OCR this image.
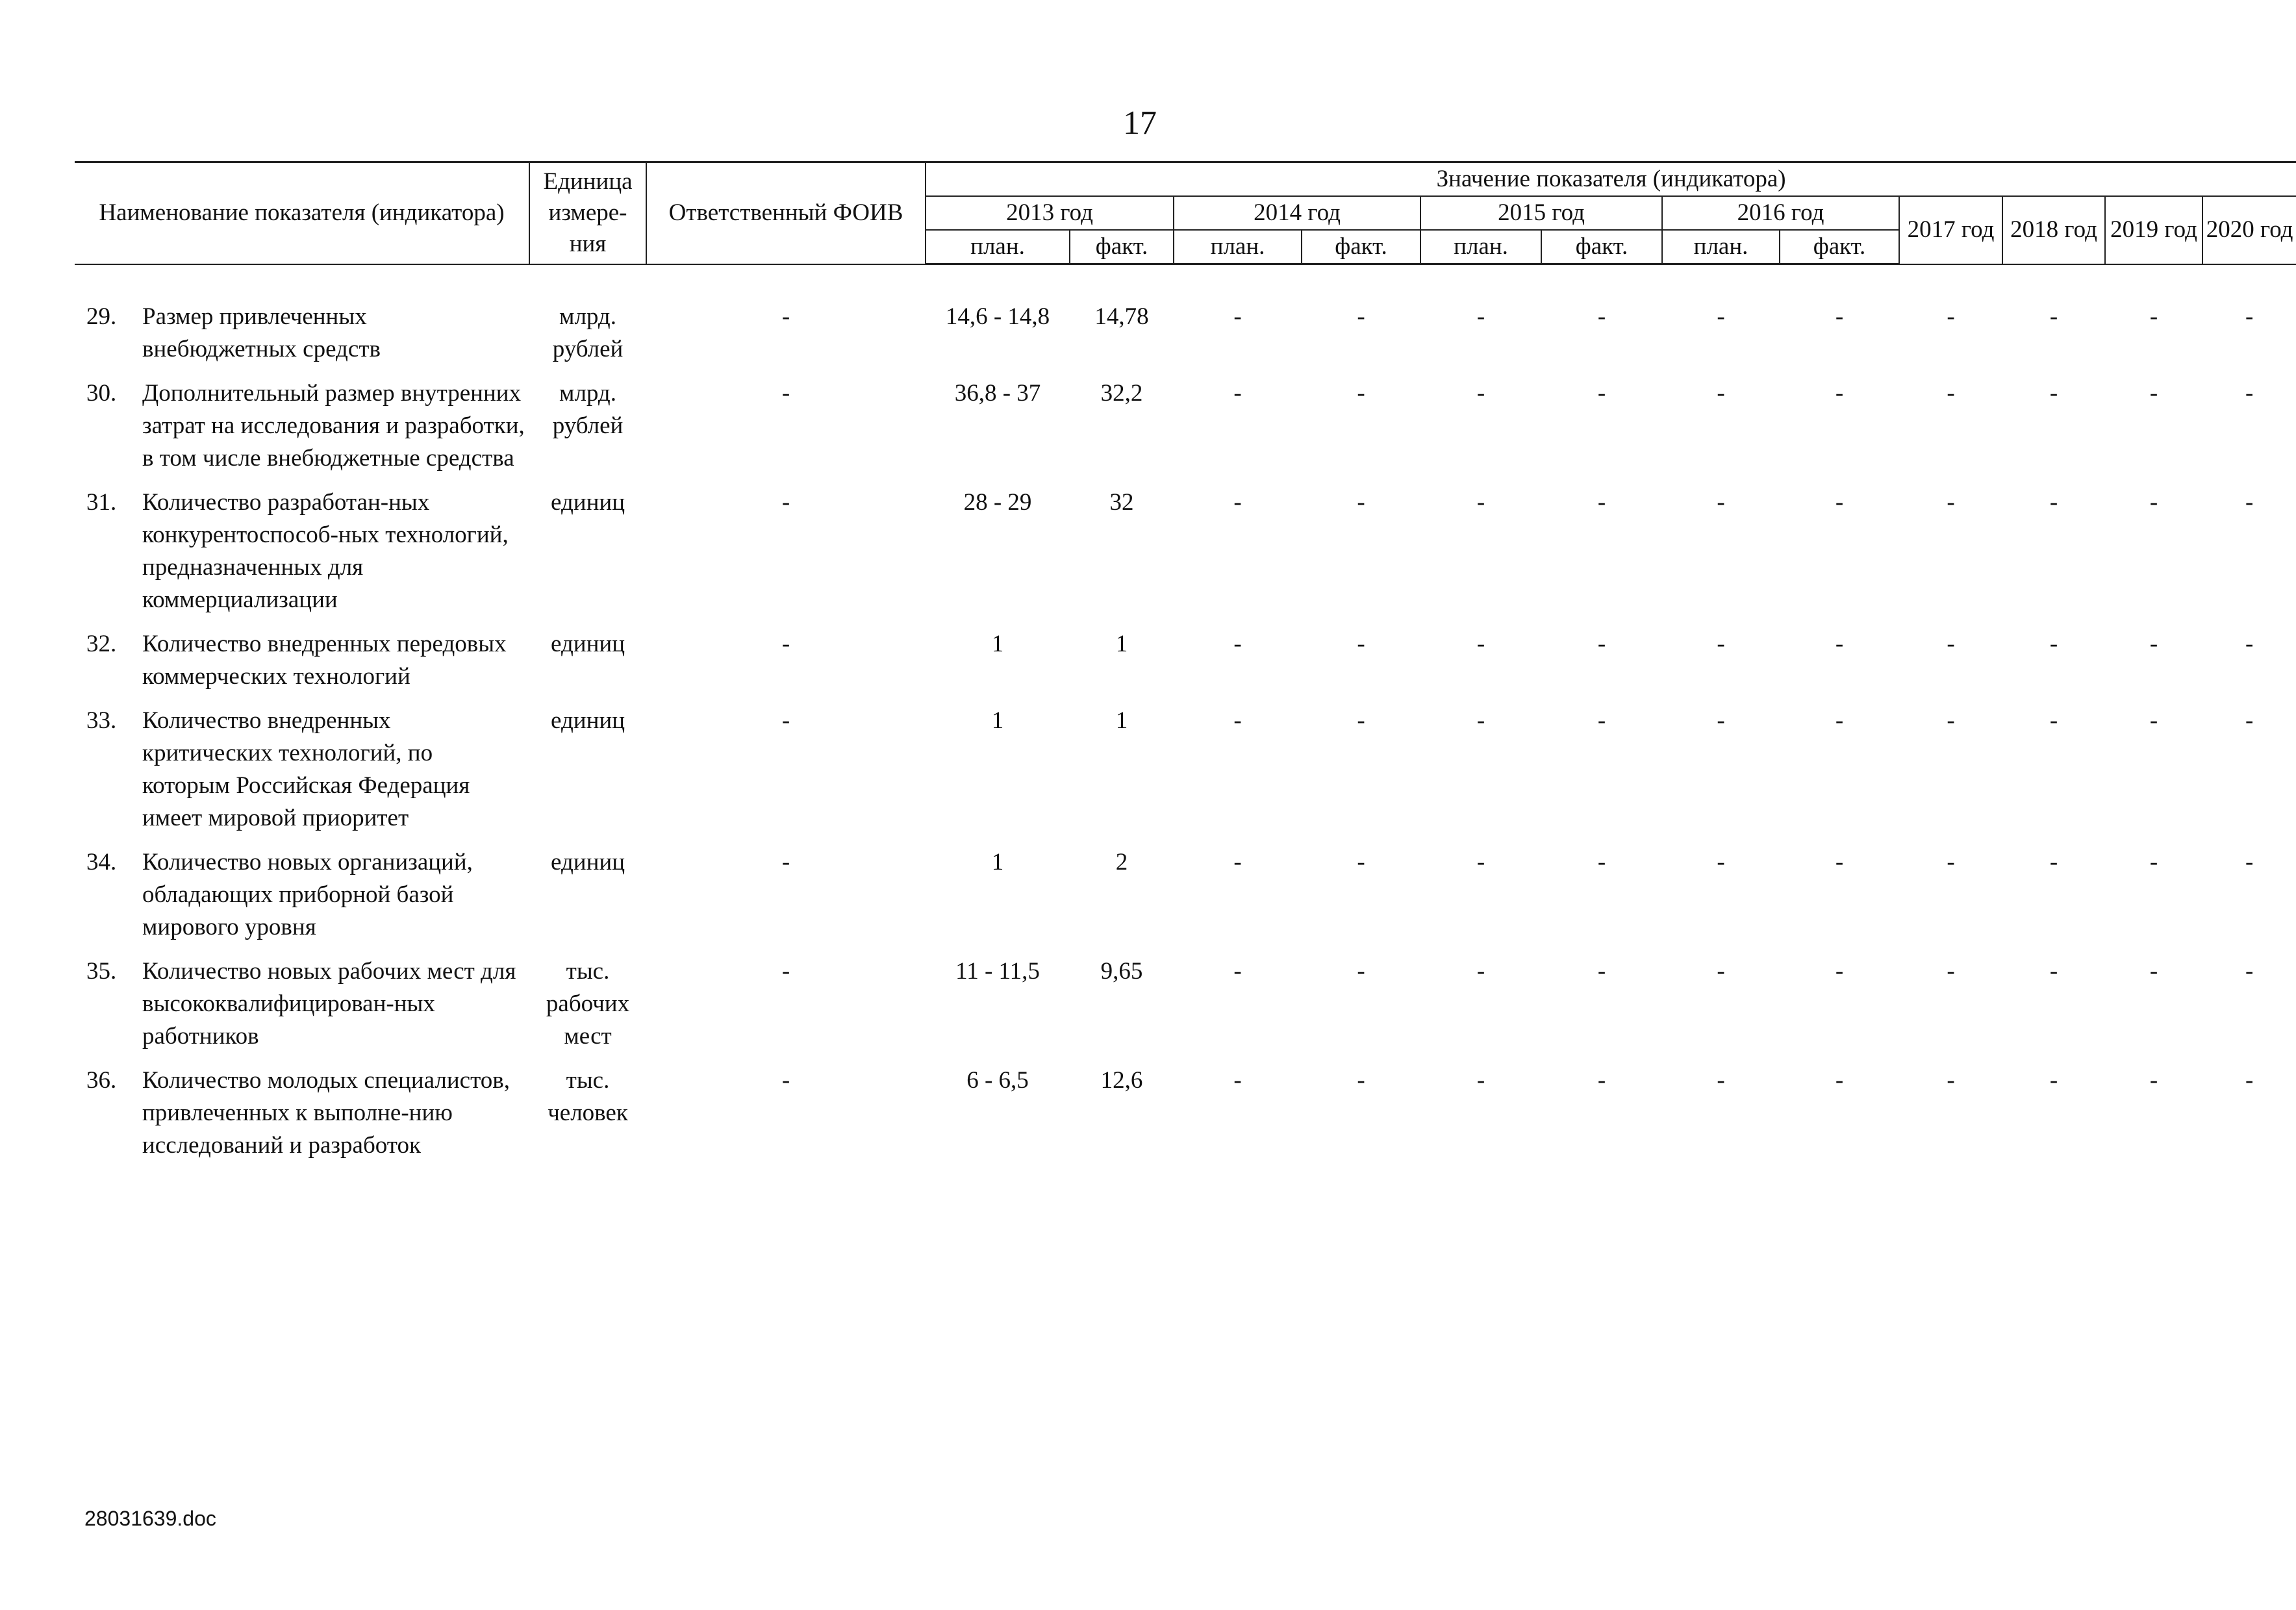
17
Наименование показателя (индикатора)		Единица измере-ния	Ответственный ФОИВ	Значение показателя (индикатора)											
				2013 год		2014 год		2015 год		2016 год		2017 год	2018 год	2019 год	2020 год
				план.	факт.	план.	факт.	план.	факт.	план.	факт.				
29.	Размер привлеченных внебюджетных средств	млрд. рублей	-	14,6 - 14,8	14,78	-	-	-	-	-	-	-	-	-	-
30.	Дополнительный размер внутренних затрат на исследования и разработки, в том числе внебюджетные средства	млрд. рублей	-	36,8 - 37	32,2	-	-	-	-	-	-	-	-	-	-
31.	Количество разработан-ных конкурентоспособ-ных технологий, предназначенных для коммерциализации	единиц	-	28 - 29	32	-	-	-	-	-	-	-	-	-	-
32.	Количество внедренных передовых коммерческих технологий	единиц	-	1	1	-	-	-	-	-	-	-	-	-	-
33.	Количество внедренных критических технологий, по которым Российская Федерация имеет мировой приоритет	единиц	-	1	1	-	-	-	-	-	-	-	-	-	-
34.	Количество новых организаций, обладающих приборной базой мирового уровня	единиц	-	1	2	-	-	-	-	-	-	-	-	-	-
35.	Количество новых рабочих мест для высококвалифицирован-ных работников	тыс. рабочих мест	-	11 - 11,5	9,65	-	-	-	-	-	-	-	-	-	-
36.	Количество молодых специалистов, привлеченных к выполне-нию исследований и разработок	тыс. человек	-	6 - 6,5	12,6	-	-	-	-	-	-	-	-	-	-
28031639.doc
